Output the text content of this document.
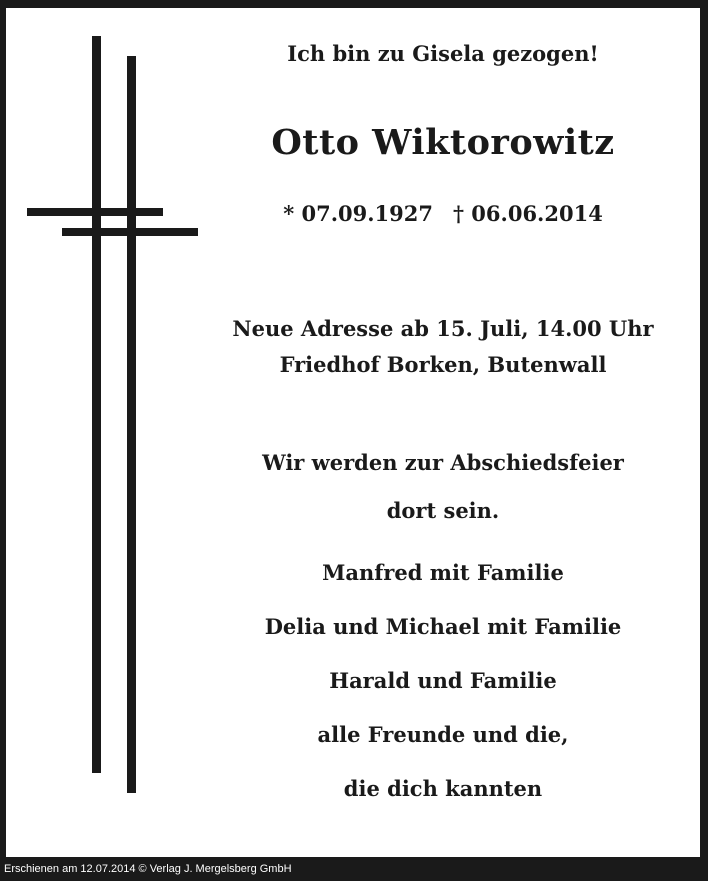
Ich bin zu Gisela gezogen!
Otto Wiktorowitz
* 07.09.1927 † 06.06.2014
Neue Adresse ab 15. Juli, 14.00 Uhr
Friedhof Borken, Butenwall
Wir werden zur Abschiedsfeier
dort sein.
Manfred mit Familie
Delia und Michael mit Familie
Harald und Familie
alle Freunde und die,
die dich kannten
Erschienen am 12.07.2014 © Verlag J. Mergelsberg GmbH
